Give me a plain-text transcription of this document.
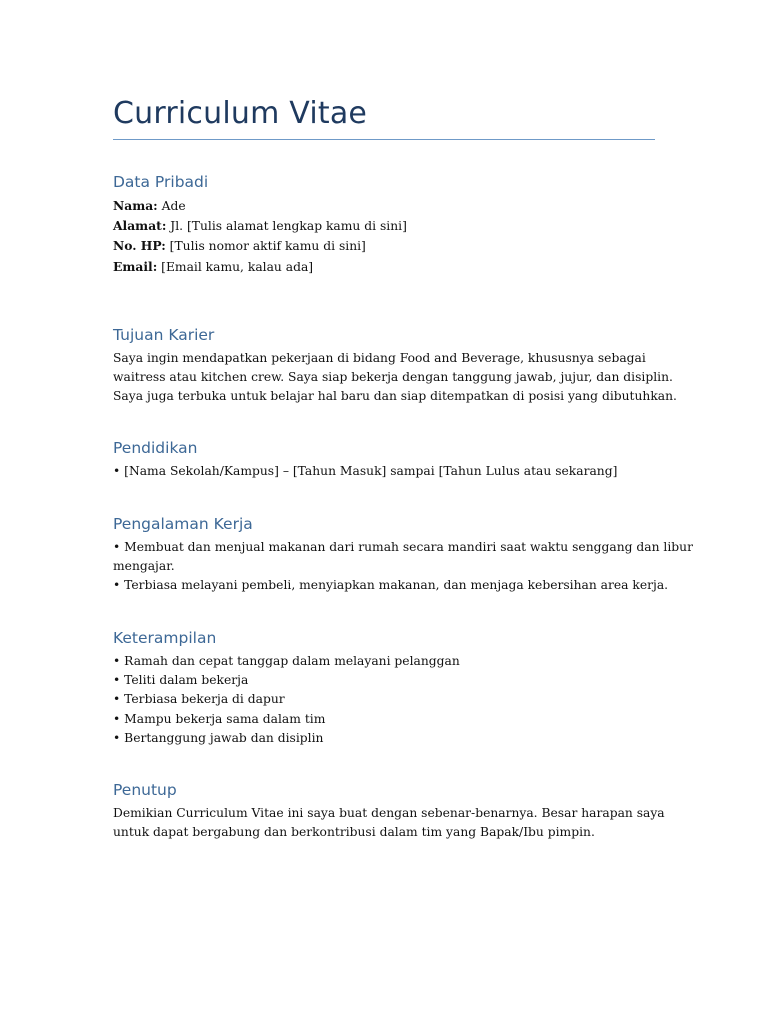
Curriculum Vitae
Data Pribadi

Nama: Ade

Alamat: Jl. [Tulis alamat lengkap kamu di sini]

No. HP: [Tulis nomor aktif kamu di sini]

Email: [Email kamu, kalau ada]

Tujuan Karier

Saya ingin mendapatkan pekerjaan di bidang Food and Beverage, khususnya sebagai

waitress atau kitchen crew. Saya siap bekerja dengan tanggung jawab, jujur, dan disiplin.

Saya juga terbuka untuk belajar hal baru dan siap ditempatkan di posisi yang dibutuhkan.

Pendidikan

• [Nama Sekolah/Kampus] – [Tahun Masuk] sampai [Tahun Lulus atau sekarang]

Pengalaman Kerja

• Membuat dan menjual makanan dari rumah secara mandiri saat waktu senggang dan libur

mengajar.

• Terbiasa melayani pembeli, menyiapkan makanan, dan menjaga kebersihan area kerja.

Keterampilan

• Ramah dan cepat tanggap dalam melayani pelanggan

• Teliti dalam bekerja

• Terbiasa bekerja di dapur

• Mampu bekerja sama dalam tim

• Bertanggung jawab dan disiplin

Penutup

Demikian Curriculum Vitae ini saya buat dengan sebenar-benarnya. Besar harapan saya

untuk dapat bergabung dan berkontribusi dalam tim yang Bapak/Ibu pimpin.
